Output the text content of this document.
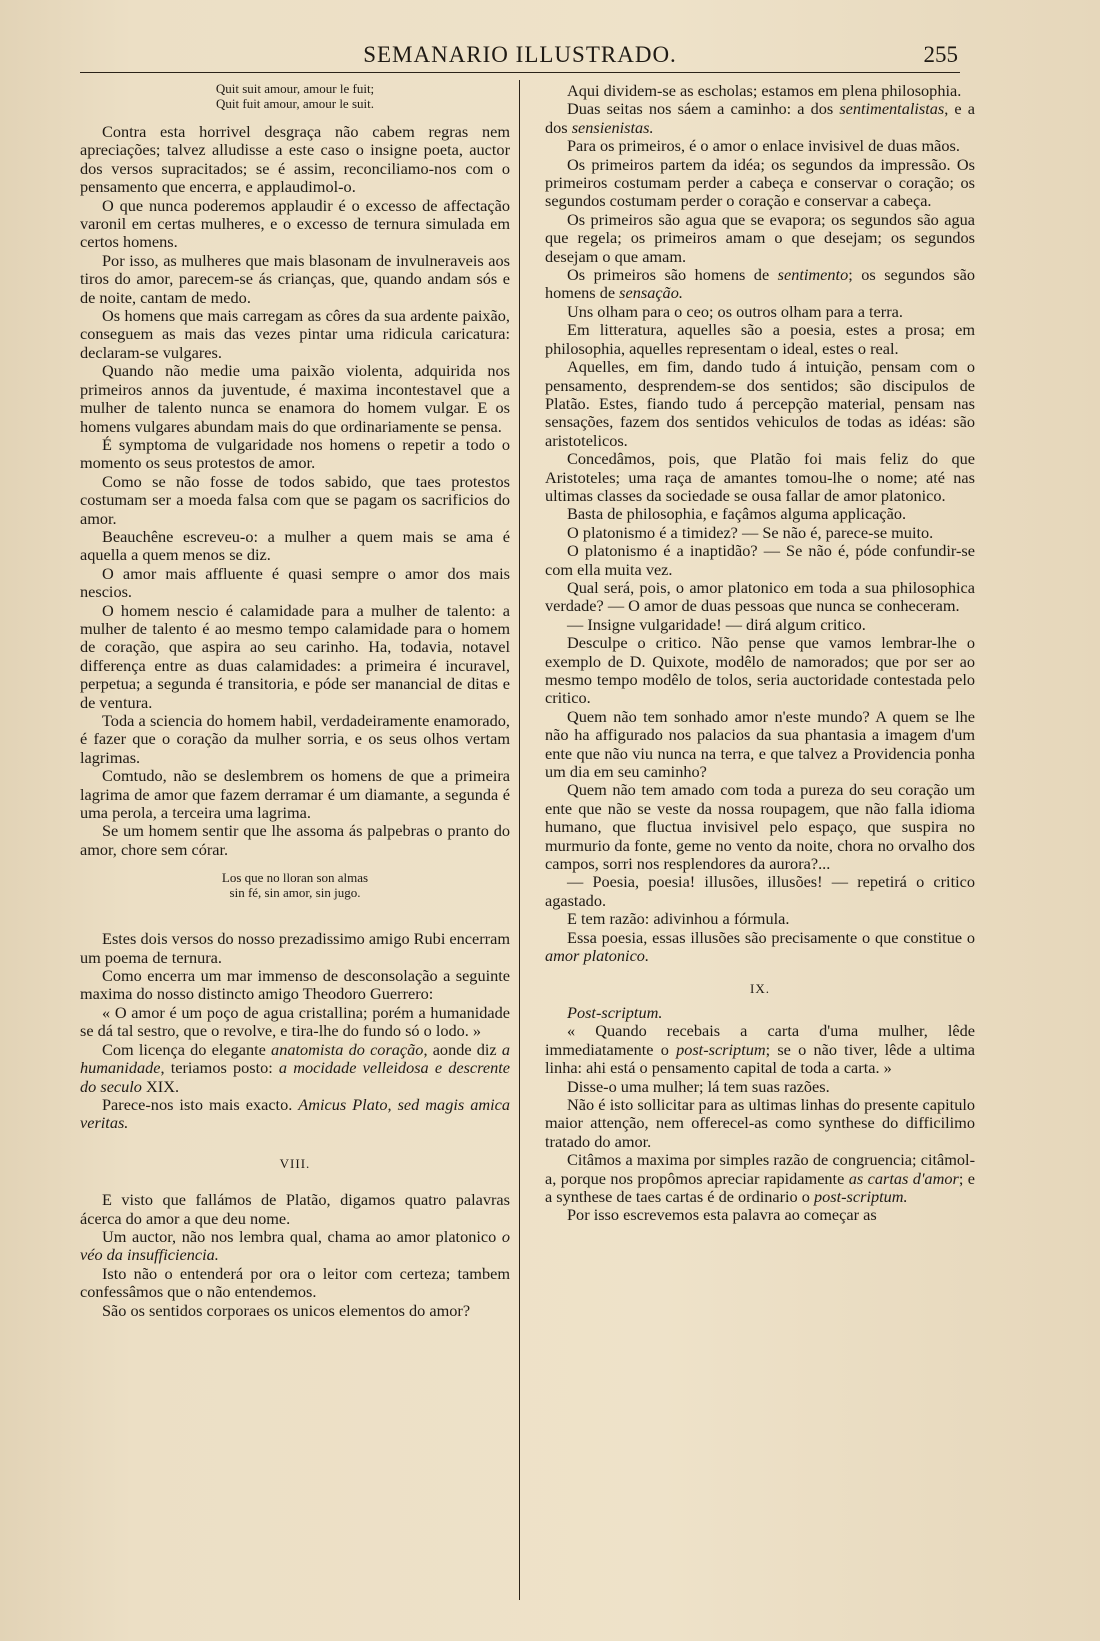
SEMANARIO ILLUSTRADO.	255
Quit suit amour, amour le fuit;
Quit fuit amour, amour le suit.

Contra esta horrivel desgraça não cabem regras nem apreciações; talvez alludisse a este caso o insigne poeta, auctor dos versos supracitados; se é assim, reconciliamo-nos com o pensamento que encerra, e applaudimol-o.

O que nunca poderemos applaudir é o excesso de affectação varonil em certas mulheres, e o excesso de ternura simulada em certos homens.

Por isso, as mulheres que mais blasonam de invulneraveis aos tiros do amor, parecem-se ás crianças, que, quando andam sós e de noite, cantam de medo.

Os homens que mais carregam as côres da sua ardente paixão, conseguem as mais das vezes pintar uma ridicula caricatura: declaram-se vulgares.

Quando não medie uma paixão violenta, adquirida nos primeiros annos da juventude, é maxima incontestavel que a mulher de talento nunca se enamora do homem vulgar. E os homens vulgares abundam mais do que ordinariamente se pensa.

É symptoma de vulgaridade nos homens o repetir a todo o momento os seus protestos de amor.

Como se não fosse de todos sabido, que taes protestos costumam ser a moeda falsa com que se pagam os sacrificios do amor.

Beauchêne escreveu-o: a mulher a quem mais se ama é aquella a quem menos se diz.

O amor mais affluente é quasi sempre o amor dos mais nescios.

O homem nescio é calamidade para a mulher de talento: a mulher de talento é ao mesmo tempo calamidade para o homem de coração, que aspira ao seu carinho. Ha, todavia, notavel differença entre as duas calamidades: a primeira é incuravel, perpetua; a segunda é transitoria, e póde ser manancial de ditas e de ventura.

Toda a sciencia do homem habil, verdadeiramente enamorado, é fazer que o coração da mulher sorria, e os seus olhos vertam lagrimas.

Comtudo, não se deslembrem os homens de que a primeira lagrima de amor que fazem derramar é um diamante, a segunda é uma perola, a terceira uma lagrima.

Se um homem sentir que lhe assoma ás palpebras o pranto do amor, chore sem córar.

Los que no lloran son almas
sin fé, sin amor, sin jugo.

Estes dois versos do nosso prezadissimo amigo Rubi encerram um poema de ternura.

Como encerra um mar immenso de desconsolação a seguinte maxima do nosso distincto amigo Theodoro Guerrero:

« O amor é um poço de agua cristallina; porém a humanidade se dá tal sestro, que o revolve, e tira-lhe do fundo só o lodo. »

Com licença do elegante anatomista do coração, aonde diz a humanidade, teriamos posto: a mocidade velleidosa e descrente do seculo XIX.

Parece-nos isto mais exacto. Amicus Plato, sed magis amica veritas.

VIII.

E visto que fallámos de Platão, digamos quatro palavras ácerca do amor a que deu nome.

Um auctor, não nos lembra qual, chama ao amor platonico o véo da insufficiencia.

Isto não o entenderá por ora o leitor com certeza; tambem confessâmos que o não entendemos.

São os sentidos corporaes os unicos elementos do amor?

Aqui dividem-se as escholas; estamos em plena philosophia.

Duas seitas nos sáem a caminho: a dos sentimentalistas, e a dos sensienistas.

Para os primeiros, é o amor o enlace invisivel de duas mãos.

Os primeiros partem da idéa; os segundos da impressão. Os primeiros costumam perder a cabeça e conservar o coração; os segundos costumam perder o coração e conservar a cabeça.

Os primeiros são agua que se evapora; os segundos são agua que regela; os primeiros amam o que desejam; os segundos desejam o que amam.

Os primeiros são homens de sentimento; os segundos são homens de sensação.

Uns olham para o ceo; os outros olham para a terra.

Em litteratura, aquelles são a poesia, estes a prosa; em philosophia, aquelles representam o ideal, estes o real.

Aquelles, em fim, dando tudo á intuição, pensam com o pensamento, desprendem-se dos sentidos; são discipulos de Platão. Estes, fiando tudo á percepção material, pensam nas sensações, fazem dos sentidos vehiculos de todas as idéas: são aristotelicos.

Concedâmos, pois, que Platão foi mais feliz do que Aristoteles; uma raça de amantes tomou-lhe o nome; até nas ultimas classes da sociedade se ousa fallar de amor platonico.

Basta de philosophia, e façâmos alguma applicação.

O platonismo é a timidez? — Se não é, parece-se muito.

O platonismo é a inaptidão? — Se não é, póde confundir-se com ella muita vez.

Qual será, pois, o amor platonico em toda a sua philosophica verdade? — O amor de duas pessoas que nunca se conheceram.

— Insigne vulgaridade! — dirá algum critico.

Desculpe o critico. Não pense que vamos lembrar-lhe o exemplo de D. Quixote, modêlo de namorados; que por ser ao mesmo tempo modêlo de tolos, seria auctoridade contestada pelo critico.

Quem não tem sonhado amor n'este mundo? A quem se lhe não ha affigurado nos palacios da sua phantasia a imagem d'um ente que não viu nunca na terra, e que talvez a Providencia ponha um dia em seu caminho?

Quem não tem amado com toda a pureza do seu coração um ente que não se veste da nossa roupagem, que não falla idioma humano, que fluctua invisivel pelo espaço, que suspira no murmurio da fonte, geme no vento da noite, chora no orvalho dos campos, sorri nos resplendores da aurora?...

— Poesia, poesia! illusões, illusões! — repetirá o critico agastado.

E tem razão: adivinhou a fórmula.

Essa poesia, essas illusões são precisamente o que constitue o amor platonico.

IX.

Post-scriptum.

« Quando recebais a carta d'uma mulher, lêde immediatamente o post-scriptum; se o não tiver, lêde a ultima linha: ahi está o pensamento capital de toda a carta. »

Disse-o uma mulher; lá tem suas razões.

Não é isto sollicitar para as ultimas linhas do presente capitulo maior attenção, nem offerecel-as como synthese do difficilimo tratado do amor.

Citâmos a maxima por simples razão de congruencia; citâmol-a, porque nos propômos apreciar rapidamente as cartas d'amor; e a synthese de taes cartas é de ordinario o post-scriptum.

Por isso escrevemos esta palavra ao começar as
